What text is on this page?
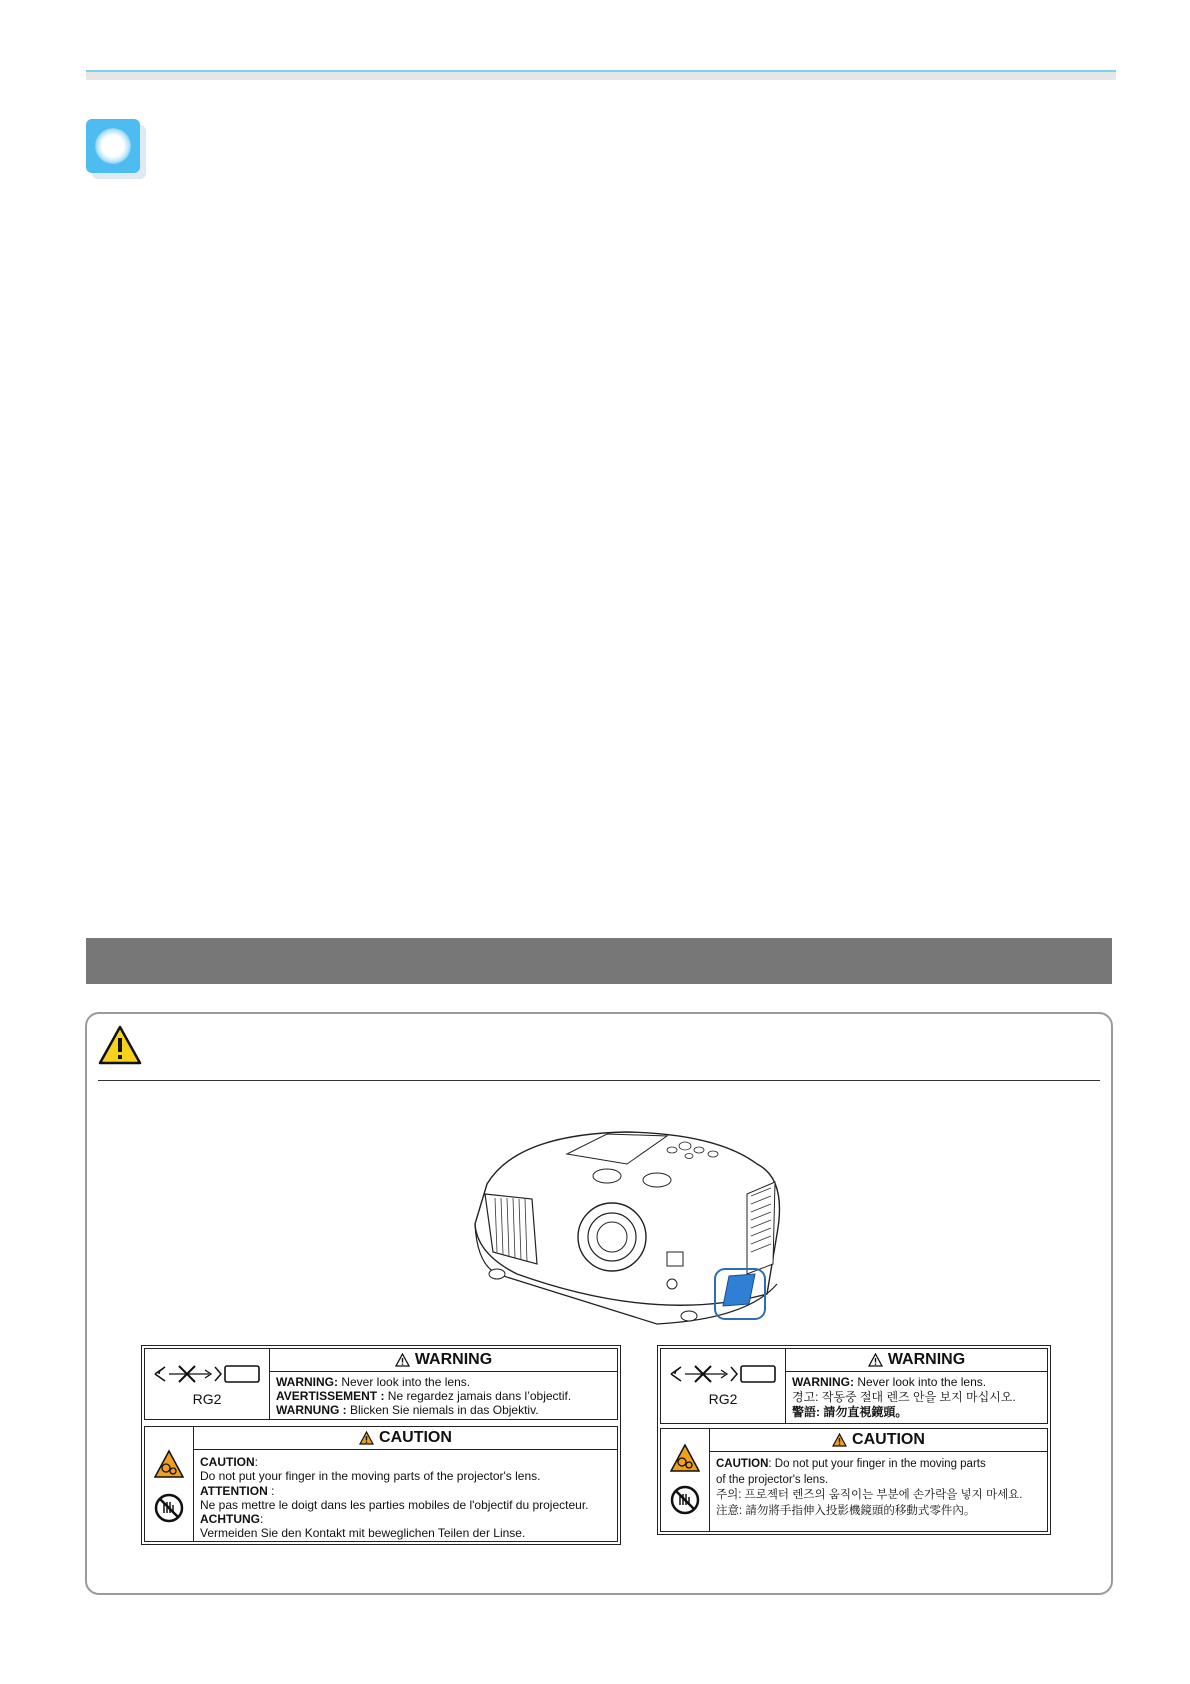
RG2
WARNING
WARNING: Never look into the lens.
AVERTISSEMENT : Ne regardez jamais dans l’objectif.
WARNUNG : Blicken Sie niemals in das Objektiv.
CAUTION
CAUTION:
Do not put your finger in the moving parts of the projector's lens.
ATTENTION :
Ne pas mettre le doigt dans les parties mobiles de l'objectif du projecteur.
ACHTUNG:
Vermeiden Sie den Kontakt mit beweglichen Teilen der Linse.
RG2
WARNING
WARNING: Never look into the lens.
경고: 작동중 절대 렌즈 안을 보지 마십시오.
警語: 請勿直視鏡頭。
CAUTION
CAUTION: Do not put your finger in the moving parts
of the projector's lens.
주의: 프로젝터 렌즈의 움직이는 부분에 손가락을 넣지 마세요.
注意: 請勿將手指伸入投影機鏡頭的移動式零件內。
